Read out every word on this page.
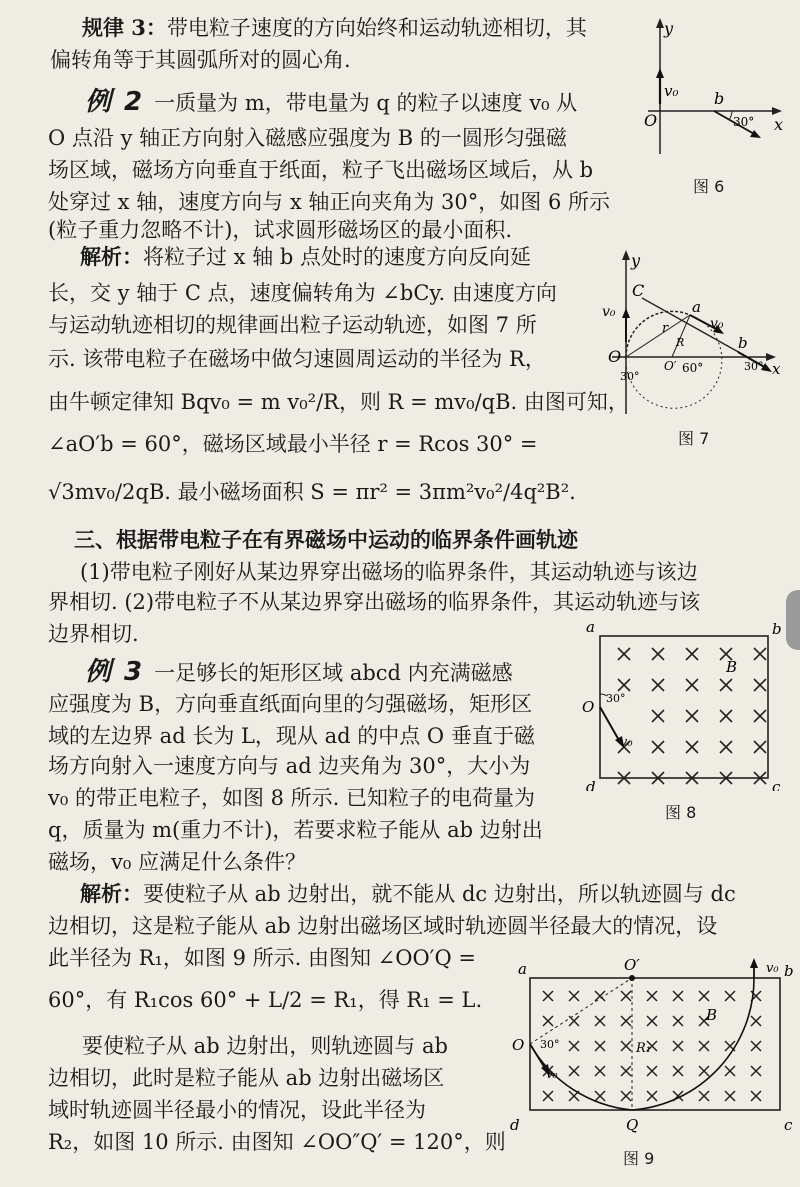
规律 3：带电粒子速度的方向始终和运动轨迹相切，其
偏转角等于其圆弧所对的圆心角.
例 2 一质量为 m，带电量为 q 的粒子以速度 v₀ 从
O 点沿 y 轴正方向射入磁感应强度为 B 的一圆形匀强磁
场区域，磁场方向垂直于纸面，粒子飞出磁场区域后，从 b
处穿过 x 轴，速度方向与 x 轴正向夹角为 30°，如图 6 所示
(粒子重力忽略不计)，试求圆形磁场区的最小面积.
y
v₀
O
b
30° x
图 6
解析：将粒子过 x 轴 b 点处时的速度方向反向延
长，交 y 轴于 C 点，速度偏转角为 ∠bCy. 由速度方向
与运动轨迹相切的规律画出粒子运动轨迹，如图 7 所
示. 该带电粒子在磁场中做匀速圆周运动的半径为 R，
由牛顿定律知 Bqv₀ = m v₀²/R，则 R = mv₀/qB. 由图可知，
∠aO′b = 60°，磁场区域最小半径 r = Rcos 30° =
√3mv₀/2qB. 最小磁场面积 S = πr² = 3πm²v₀²/4q²B².
y
C
v₀	a
v₀
r
R
O	O′ 60°
b
30°
30°	x
图 7
三、根据带电粒子在有界磁场中运动的临界条件画轨迹
(1)带电粒子刚好从某边界穿出磁场的临界条件，其运动轨迹与该边
界相切. (2)带电粒子不从某边界穿出磁场的临界条件，其运动轨迹与该
边界相切.
例 3 一足够长的矩形区域 abcd 内充满磁感
应强度为 B，方向垂直纸面向里的匀强磁场，矩形区
域的左边界 ad 长为 L，现从 ad 的中点 O 垂直于磁
场方向射入一速度方向与 ad 边夹角为 30°，大小为
v₀ 的带正电粒子，如图 8 所示. 已知粒子的电荷量为
q，质量为 m(重力不计)，若要求粒子能从 ab 边射出
磁场，v₀ 应满足什么条件？
a	b
B
O 30°
v₀
d	c
图 8
解析：要使粒子从 ab 边射出，就不能从 dc 边射出，所以轨迹圆与 dc
边相切，这是粒子能从 ab 边射出磁场区域时轨迹圆半径最大的情况，设
此半径为 R₁，如图 9 所示. 由图知 ∠OO′Q =
60°，有 R₁cos 60° + L/2 = R₁，得 R₁ = L.
要使粒子从 ab 边射出，则轨迹圆与 ab
边相切，此时是粒子能从 ab 边射出磁场区
域时轨迹圆半径最小的情况，设此半径为
R₂，如图 10 所示. 由图知 ∠OO″Q′ = 120°，则
v₀
a	O′	b
B
O 30°	R₁
v₀
d	Q	c
图 9
